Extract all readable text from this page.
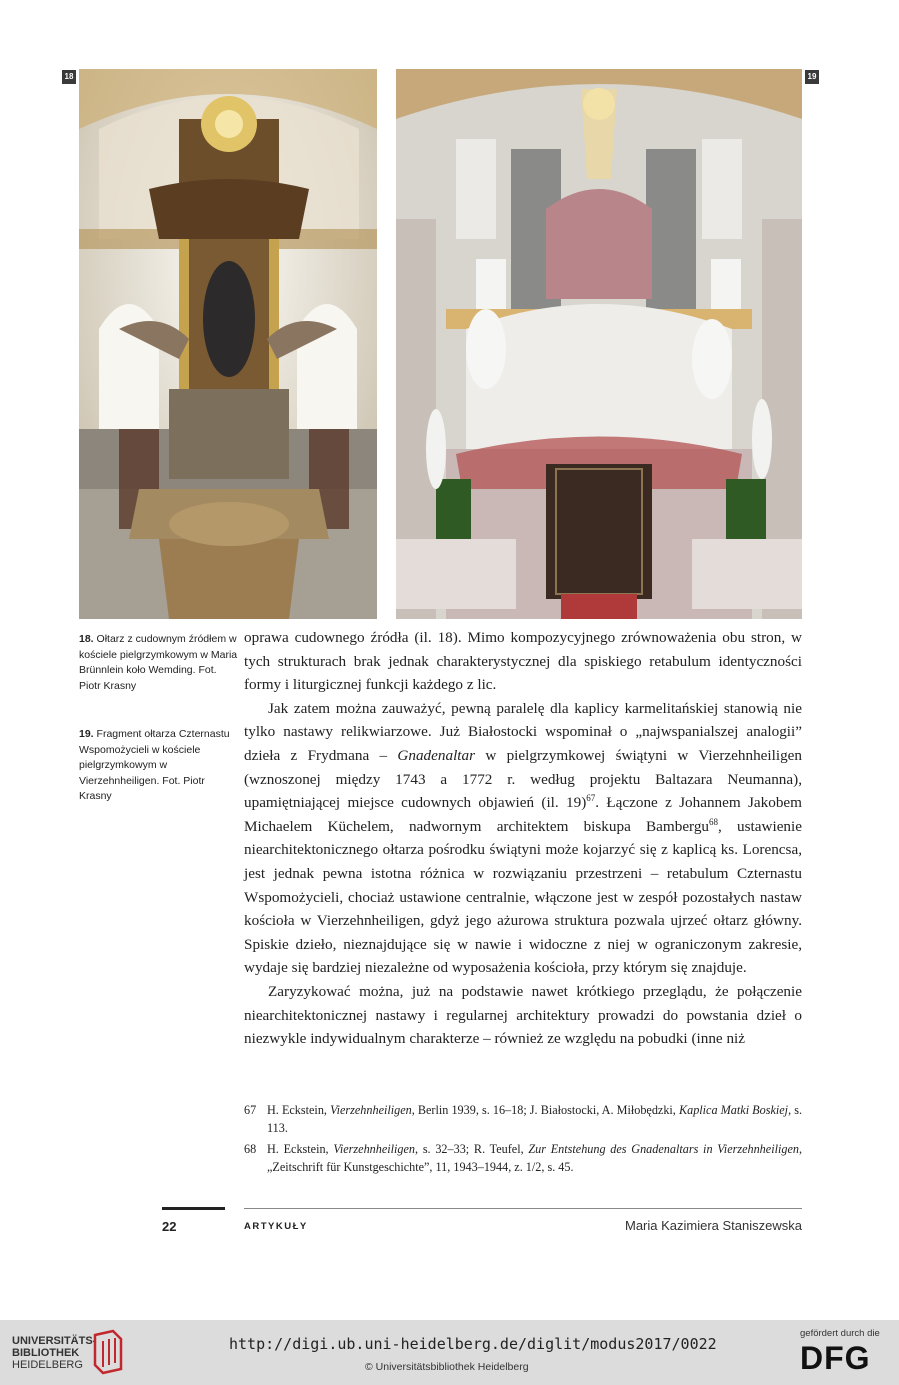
18	19
18. Ołtarz z cudownym źródłem w kościele pielgrzymkowym w Maria Brünnlein koło Wemding. Fot. Piotr Krasny
19. Fragment ołtarza Czternastu Wspomożycieli w kościele pielgrzymkowym w Vierzehnheiligen. Fot. Piotr Krasny

oprawa cudownego źródła (il. 18). Mimo kompozycyjnego zrównoważenia obu stron, w tych strukturach brak jednak charakterystycznej dla spiskiego retabulum identyczności formy i liturgicznej funkcji każdego z lic.

Jak zatem można zauważyć, pewną paralelę dla kaplicy karmelitańskiej stanowią nie tylko nastawy relikwiarzowe. Już Białostocki wspominał o „najwspanialszej analogii” dzieła z Frydmana – Gnadenaltar w pielgrzymkowej świątyni w Vierzehnheiligen (wznoszonej między 1743 a 1772 r. według projektu Baltazara Neumanna), upamiętniającej miejsce cudownych objawień (il. 19)$^{67}$. Łączone z Johannem Jakobem Michaelem Küchelem, nadwornym architektem biskupa Bambergu$^{68}$, ustawienie niearchitektonicznego ołtarza pośrodku świątyni może kojarzyć się z kaplicą ks. Lorencsa, jest jednak pewna istotna różnica w rozwiązaniu przestrzeni – retabulum Czternastu Wspomożycieli, chociaż ustawione centralnie, włączone jest w zespół pozostałych nastaw kościoła w Vierzehnheiligen, gdyż jego ażurowa struktura pozwala ujrzeć ołtarz główny. Spiskie dzieło, nieznajdujące się w nawie i widoczne z niej w ograniczonym zakresie, wydaje się bardziej niezależne od wyposażenia kościoła, przy którym się znajduje.

Zaryzykować można, już na podstawie nawet krótkiego przeglądu, że połączenie niearchitektonicznej nastawy i regularnej architektury prowadzi do powstania dzieł o niezwykle indywidualnym charakterze – również ze względu na pobudki (inne niż

67 H. Eckstein, Vierzehnheiligen, Berlin 1939, s. 16–18; J. Białostocki, A. Miłobędzki, Kaplica Matki Boskiej, s. 113.
68 H. Eckstein, Vierzehnheiligen, s. 32–33; R. Teufel, Zur Entstehung des Gnadenaltars in Vierzehnheiligen, „Zeitschrift für Kunstgeschichte”, 11, 1943–1944, z. 1/2, s. 45.
22	ARTYKUŁY	Maria Kazimiera Staniszewska
UNIVERSITÄTS-
BIBLIOTHEK
HEIDELBERG
http://digi.ub.uni-heidelberg.de/diglit/modus2017/0022
© Universitätsbibliothek Heidelberg
gefördert durch die
DFG
